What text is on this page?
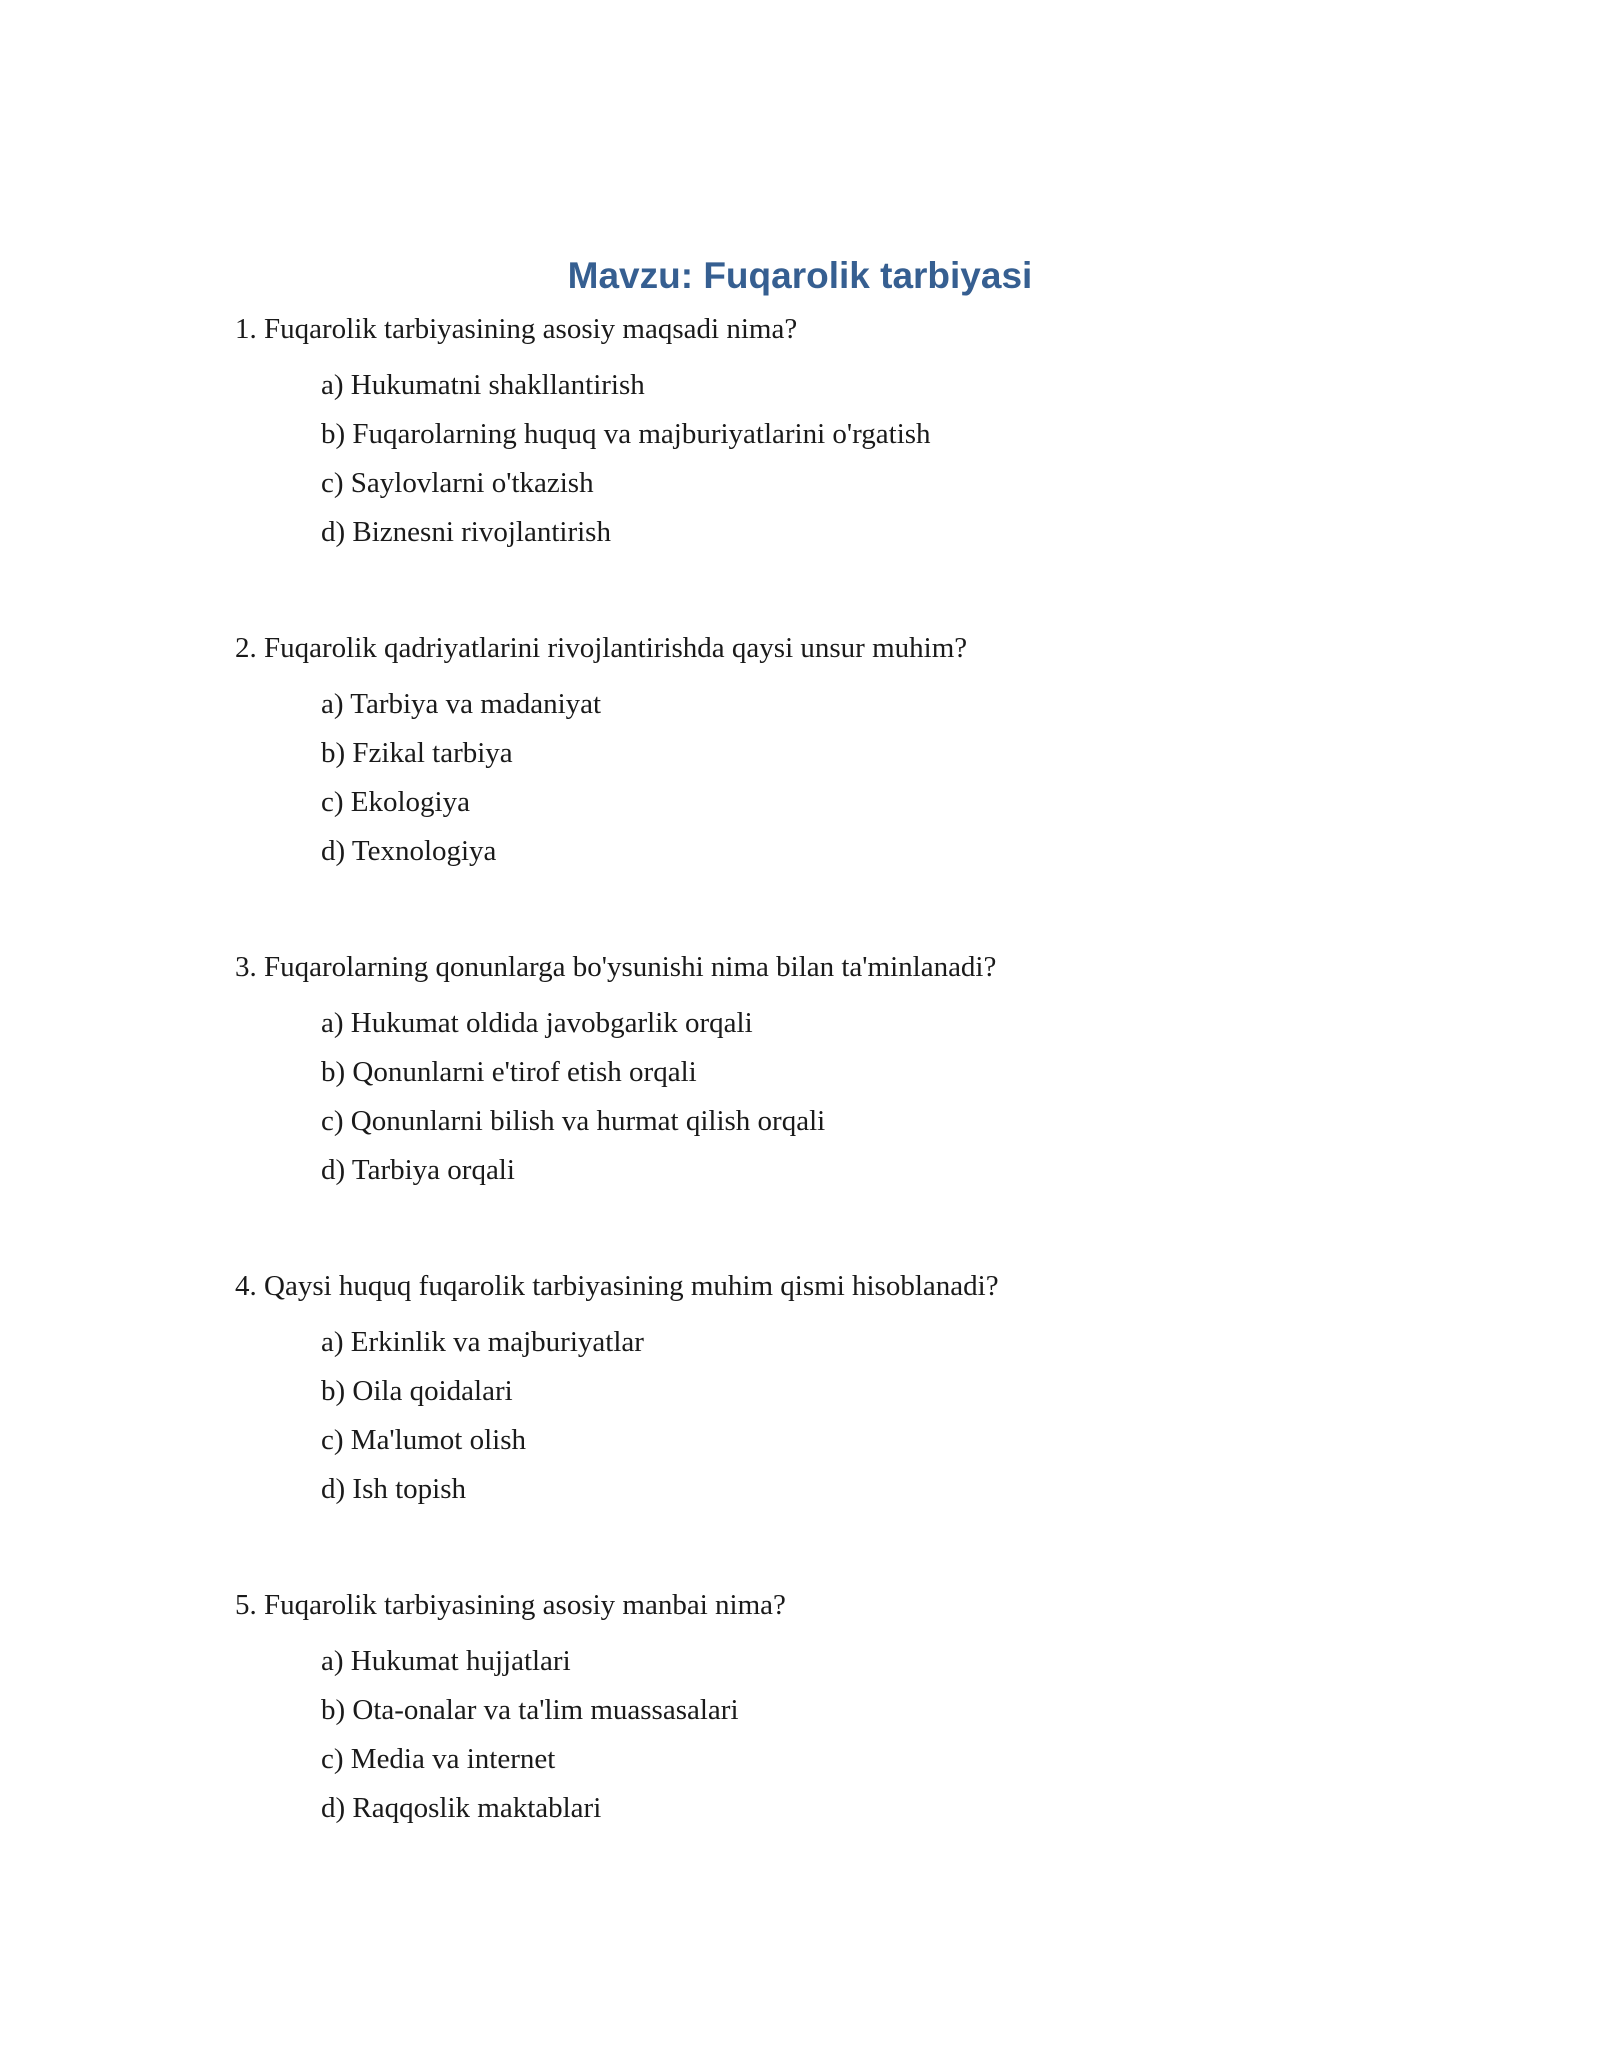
Mavzu: Fuqarolik tarbiyasi

1. Fuqarolik tarbiyasining asosiy maqsadi nima?

a) Hukumatni shakllantirish
b) Fuqarolarning huquq va majburiyatlarini o'rgatish
c) Saylovlarni o'tkazish
d) Biznesni rivojlantirish

2. Fuqarolik qadriyatlarini rivojlantirishda qaysi unsur muhim?

a) Tarbiya va madaniyat
b) Fzikal tarbiya
c) Ekologiya
d) Texnologiya

3. Fuqarolarning qonunlarga bo'ysunishi nima bilan ta'minlanadi?

a) Hukumat oldida javobgarlik orqali
b) Qonunlarni e'tirof etish orqali
c) Qonunlarni bilish va hurmat qilish orqali
d) Tarbiya orqali

4. Qaysi huquq fuqarolik tarbiyasining muhim qismi hisoblanadi?

a) Erkinlik va majburiyatlar
b) Oila qoidalari
c) Ma'lumot olish
d) Ish topish

5. Fuqarolik tarbiyasining asosiy manbai nima?

a) Hukumat hujjatlari
b) Ota-onalar va ta'lim muassasalari
c) Media va internet
d) Raqqoslik maktablari
